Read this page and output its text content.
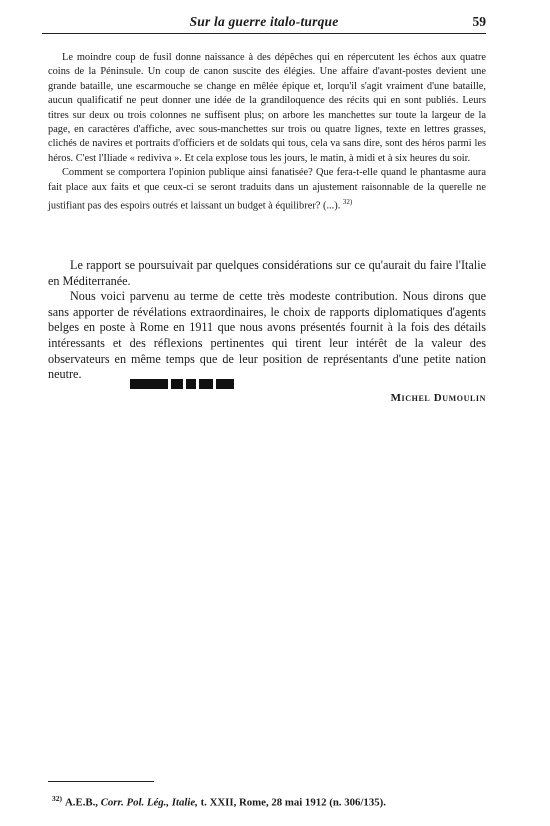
Sur la guerre italo-turque	59

Le moindre coup de fusil donne naissance à des dépêches qui en répercutent les échos aux quatre coins de la Péninsule. Un coup de canon suscite des élégies. Une affaire d'avant-postes devient une grande bataille, une escarmouche se change en mêlée épique et, lorqu'il s'agit vraiment d'une bataille, aucun qualificatif ne peut donner une idée de la grandiloquence des récits qui en sont publiés. Leurs titres sur deux ou trois colonnes ne suffisent plus; on arbore les manchettes sur toute la largeur de la page, en caractères d'affiche, avec sous-manchettes sur trois ou quatre lignes, texte en lettres grasses, clichés de navires et portraits d'officiers et de soldats qui tous, cela va sans dire, sont des héros parmi les héros. C'est l'Iliade « rediviva ». Et cela explose tous les jours, le matin, à midi et à six heures du soir.

Comment se comportera l'opinion publique ainsi fanatisée? Que fera-t-elle quand le phantasme aura fait place aux faits et que ceux-ci se seront traduits dans un ajustement raisonnable de la querelle ne justifiant pas des espoirs outrés et laissant un budget à équilibrer? (...). $^{32)}$

Le rapport se poursuivait par quelques considérations sur ce qu'aurait du faire l'Italie en Méditerranée.

Nous voici parvenu au terme de cette très modeste contribution. Nous dirons que sans apporter de révélations extraordinaires, le choix de rapports diplomatiques d'agents belges en poste à Rome en 1911 que nous avons présentés fournit à la fois des détails intéressants et des réflexions pertinentes qui tirent leur intérêt de la valeur des observateurs en même temps que de leur position de représentants d'une petite nation neutre.

Michel Dumoulin
$^{32)}$ A.E.B., Corr. Pol. Lég., Italie, t. XXII, Rome, 28 mai 1912 (n. 306/135).
